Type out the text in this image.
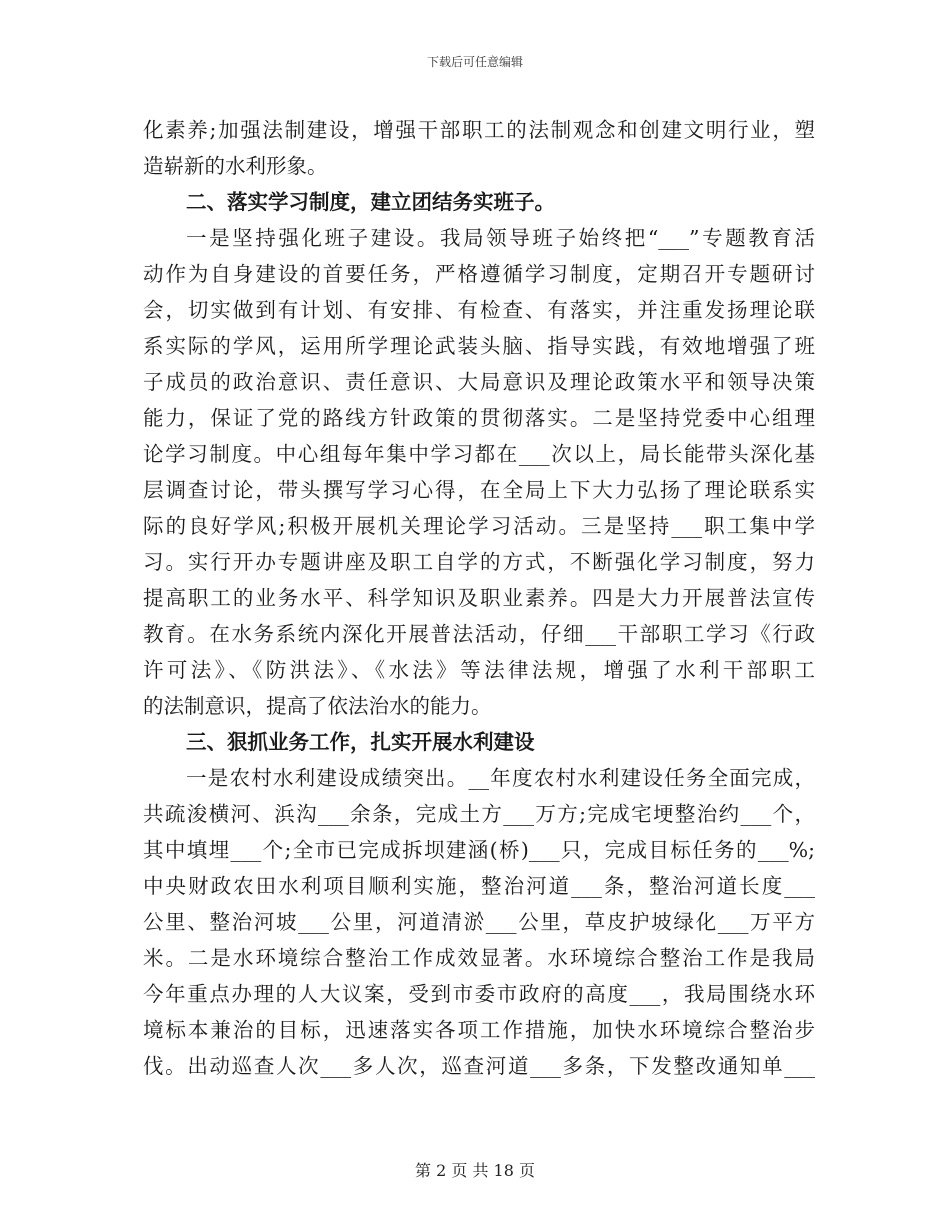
下载后可任意编辑
化素养;加强法制建设，增强干部职工的法制观念和创建文明行业，塑
造崭新的水利形象。
二、落实学习制度，建立团结务实班子。
一是坚持强化班子建设。我局领导班子始终把“___”专题教育活
动作为自身建设的首要任务，严格遵循学习制度，定期召开专题研讨
会，切实做到有计划、有安排、有检查、有落实，并注重发扬理论联
系实际的学风，运用所学理论武装头脑、指导实践，有效地增强了班
子成员的政治意识、责任意识、大局意识及理论政策水平和领导决策
能力，保证了党的路线方针政策的贯彻落实。二是坚持党委中心组理
论学习制度。中心组每年集中学习都在___次以上，局长能带头深化基
层调查讨论，带头撰写学习心得，在全局上下大力弘扬了理论联系实
际的良好学风;积极开展机关理论学习活动。三是坚持___职工集中学
习。实行开办专题讲座及职工自学的方式，不断强化学习制度，努力
提高职工的业务水平、科学知识及职业素养。四是大力开展普法宣传
教育。在水务系统内深化开展普法活动，仔细___干部职工学习《行政
许可法》、《防洪法》、《水法》等法律法规，增强了水利干部职工
的法制意识，提高了依法治水的能力。
三、狠抓业务工作，扎实开展水利建设
一是农村水利建设成绩突出。__年度农村水利建设任务全面完成，
共疏浚横河、浜沟___余条，完成土方___万方;完成宅埂整治约___个，
其中填埋___个;全市已完成拆坝建涵(桥)___只，完成目标任务的___%;
中央财政农田水利项目顺利实施，整治河道___条，整治河道长度___
公里、整治河坡___公里，河道清淤___公里，草皮护坡绿化___万平方
米。二是水环境综合整治工作成效显著。水环境综合整治工作是我局
今年重点办理的人大议案，受到市委市政府的高度___，我局围绕水环
境标本兼治的目标，迅速落实各项工作措施，加快水环境综合整治步
伐。出动巡查人次___多人次，巡查河道___多条，下发整改通知单___
第 2 页 共 18 页
